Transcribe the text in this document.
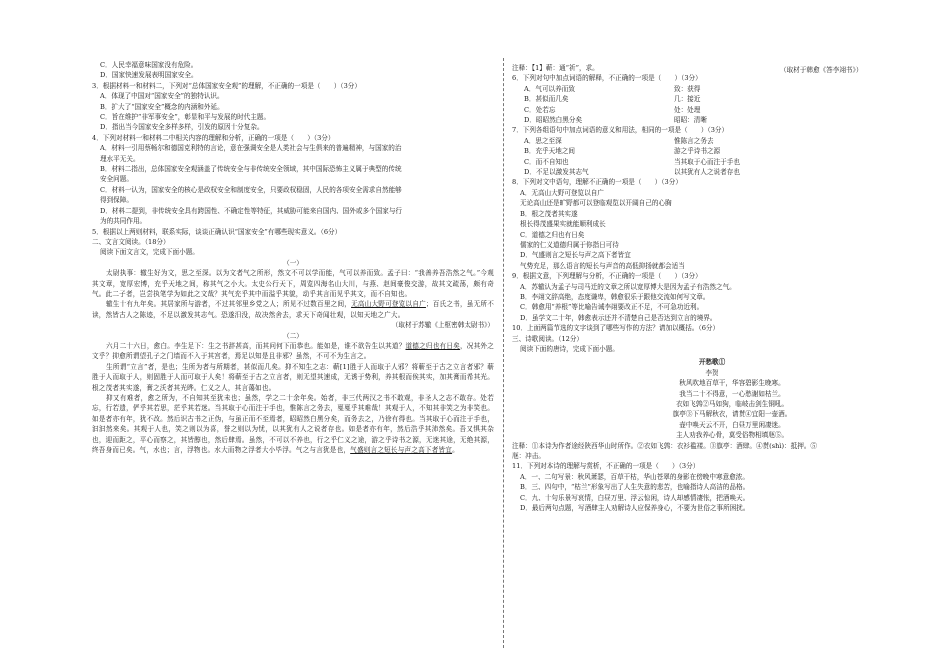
（取材于韩愈《答李翊书》）
C．人民幸福意味国家没有危险。
D．国家快速发展表明国家安全。
3．根据材料一和材料二，下列对“总体国家安全观”的理解，不正确的一项是（　　）（3分）
A．体现了中国对“国家安全”的独特认识。
B．扩大了“国家安全”概念的内涵和外延。
C．旨在维护“非军事安全”，彰显和平与发展的时代主题。
D．指出当今国家安全多样多样，引发的原因十分复杂。
4．下列对材料一和材料二中相关内容的理解和分析，正确的一项是（　　）（3分）
A．材料一引用蔡畅尔和德国克利特的言论，意在强调安全是人类社会与生俱来的普遍精神，与国家的治
理水平无关。
B．材料二指出，总体国家安全观涵盖了传统安全与非传统安全领域，其中国际恐怖主义属于典型的传统
安全问题。
C．材料一认为，国家安全的核心是政权安全和制度安全，只要政权稳固，人民的各项安全需求自然能够
得到保障。
D．材料二提到，非传统安全具有跨国性、不确定性等特征，其威胁可能来自国内、国外或多个国家与行
为的共同作用。
5．根据以上两则材料，联系实际，谈谈正确认识“国家安全”有哪些现实意义。（6分）
二、文言文阅读。（18分）
阅读下面文言文，完成下面小题。
（一）
太尉执事：辙生好为文，思之至深。以为文者气之所形，然文不可以学而能，气可以养而致。孟子曰：“我善养吾浩然之气。”今观其文章，宽厚宏博，充乎天地之间，称其气之小大。太史公行天下，周览四海名山大川，与燕、赵间豪俊交游，故其文疏荡，颇有奇气。此二子者，岂尝执笔学为如此之文哉？其气充乎其中而溢乎其貌，动乎其言而见乎其文，而不自知也。
辙生十有九年矣。其居家所与游者，不过其邻里乡党之人；所见不过数百里之间，无高山大野可登览以自广；百氏之书，虽无所不读，然皆古人之陈迹，不足以激发其志气。恐遂汨没，故决然舍去，求天下奇闻壮观，以知天地之广大。
（取材于苏辙《上枢密韩太尉书》）
（二）
六月二十六日，愈白。李生足下：生之书辞甚高，而其问何下而恭也。能如是，谁不欲告生以其道？道德之归也有日矣，况其外之文乎？抑愈所谓望孔子之门墙而不入于其宫者，焉足以知是且非邪？虽然，不可不为生言之。
生所谓“立言”者，是也；生所为者与所期者，甚似而几矣。抑不知生之志：蕲[1]胜于人而取于人邪？将蕲至于古之立言者邪？蕲胜于人而取于人，则固胜于人而可取于人矣！将蕲至于古之立言者，则无望其速成，无诱于势利，养其根而俟其实，加其膏而希其光。根之茂者其实遂，膏之沃者其光晔。仁义之人，其言蔼如也。
抑又有难者，愈之所为，不自知其至犹未也；虽然，学之二十余年矣。始者，非三代两汉之书不敢观，非圣人之志不敢存。处若忘，行若遗，俨乎其若思，茫乎其若迷。当其取于心而注于手也，惟陈言之务去，戛戛乎其难哉！其观于人，不知其非笑之为非笑也。如是者亦有年，犹不改。然后识古书之正伪，与虽正而不至焉者，昭昭然白黑分矣，而务去之，乃徐有得也。当其取于心而注于手也，汩汩然来矣。其观于人也，笑之则以为喜，誉之则以为忧，以其犹有人之说者存也。如是者亦有年，然后浩乎其沛然矣。吾又惧其杂也，迎而距之，平心而察之，其皆醇也，然后肆焉。虽然，不可以不养也，行之乎仁义之途，游之乎诗书之源，无迷其途，无绝其源，终吾身而已矣。气，水也；言，浮物也。水大而物之浮者大小毕浮。气之与言犹是也，气盛则言之短长与声之高下者皆宜。
注释：【1】蕲：通“祈”，求。
6．下列对句中加点词语的解释，不正确的一项是（　　）（3分）
A．气可以养而致	致：获得
B．甚似而几矣	几：接近
C．处若忘	处：处理
D．昭昭然白黑分矣	昭昭：清晰
7．下列各组语句中加点词语的意义和用法，相同的一项是（　　）（3分）
A．思之至深	惟陈言之务去
B．充乎天地之间	游之乎诗书之源
C．而不自知也	当其取于心而注于手也
D．不足以激发其志气	以其犹有人之说者存也
8．下列对文中语句，理解不正确的一项是（　　）（3分）
A．无高山大野可登览以自广
无论高山还是旷野都可以登临观览以开阔自己的心胸
B．根之茂者其实遂
根长得茂盛果实就能顺利成长
C．道德之归也有日矣
儒家的仁义道德归属于你指日可待
D．气盛则言之短长与声之高下者皆宜
气势充足，那么语言的短长与声音的高低抑扬就都会适当
9．根据文意，下列理解与分析，不正确的一项是（　　）（3分）
A．苏辙认为孟子与司马迁的文章之所以宽厚博大是因为孟子有浩然之气。
B．李翊文辞高绝，态度谦卑，韩愈很乐于跟他交流如何写文章。
C．韩愈用“养根”等比喻告诫李翊要改正不足，不可急功近利。
D．虽学文二十年，韩愈表示还并不清楚自己是否达到立言的境界。
10．上面两篇节选的文字谈到了哪些写作的方法？请加以概括。（6分）
三、诗歌阅读。（12分）
阅读下面的唐诗，完成下面小题。
开愁歌①
李贺
秋风吹地百草干，华容碧影生晚寒。
我当二十不得意，一心愁谢如枯兰。
衣如飞鹑②马如狗，临岐击剑生铜吼。
旗亭③下马解秋衣，请贳④宜阳一壶酒。
壶中唤天云不开，白昼万里闲凄迷。
主人劝我养心骨，莫受俗物相填豗⑤。
注释：①本诗为作者途经陕西华山时所作。②衣如飞鹑：衣衫褴褛。③旗亭：酒肆。④贳(shì)：抵押。⑤
豗：冲击。
11．下列对本诗的理解与赏析，不正确的一项是（　　）（3分）
A．一、二句写景：秋风萧瑟，百草干枯，华山苍翠的身影在傍晚中寒意愈浓。
B．三、四句中，“枯兰”形象写出了人生失意的悲苦，也喻指诗人高洁的品格。
C．九、十句乐景写哀情，白昼万里、浮云惊闲，诗人却感情凄怅，把酒唤天。
D．最后两句点题，写酒肆主人劝解诗人应保养身心，不要为世俗之事所困扰。
